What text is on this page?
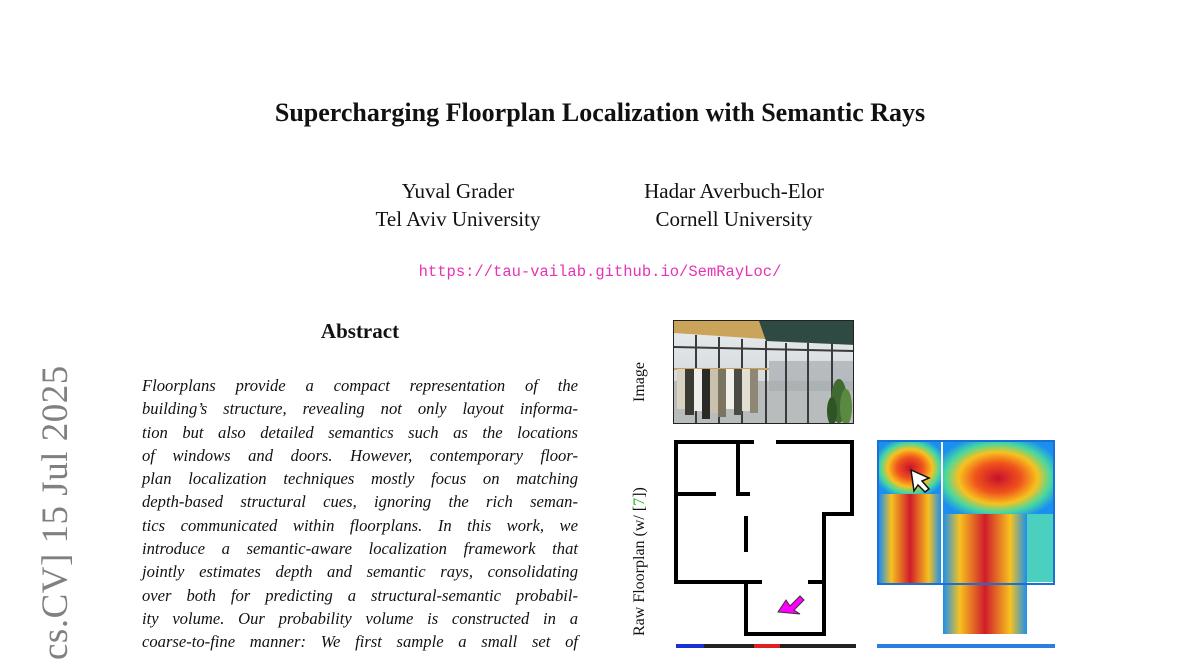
cs.CV] 15 Jul 2025
Supercharging Floorplan Localization with Semantic Rays
Yuval Grader
Tel Aviv University
Hadar Averbuch-Elor
Cornell University
https://tau-vailab.github.io/SemRayLoc/
Abstract
Floorplans provide a compact representation of the
building’s structure, revealing not only layout informa-
tion but also detailed semantics such as the locations
of windows and doors. However, contemporary floor-
plan localization techniques mostly focus on matching
depth-based structural cues, ignoring the rich seman-
tics communicated within floorplans. In this work, we
introduce a semantic-aware localization framework that
jointly estimates depth and semantic rays, consolidating
over both for predicting a structural-semantic probabil-
ity volume. Our probability volume is constructed in a
coarse-to-fine manner: We first sample a small set of
Image
Raw Floorplan (w/ [7])
